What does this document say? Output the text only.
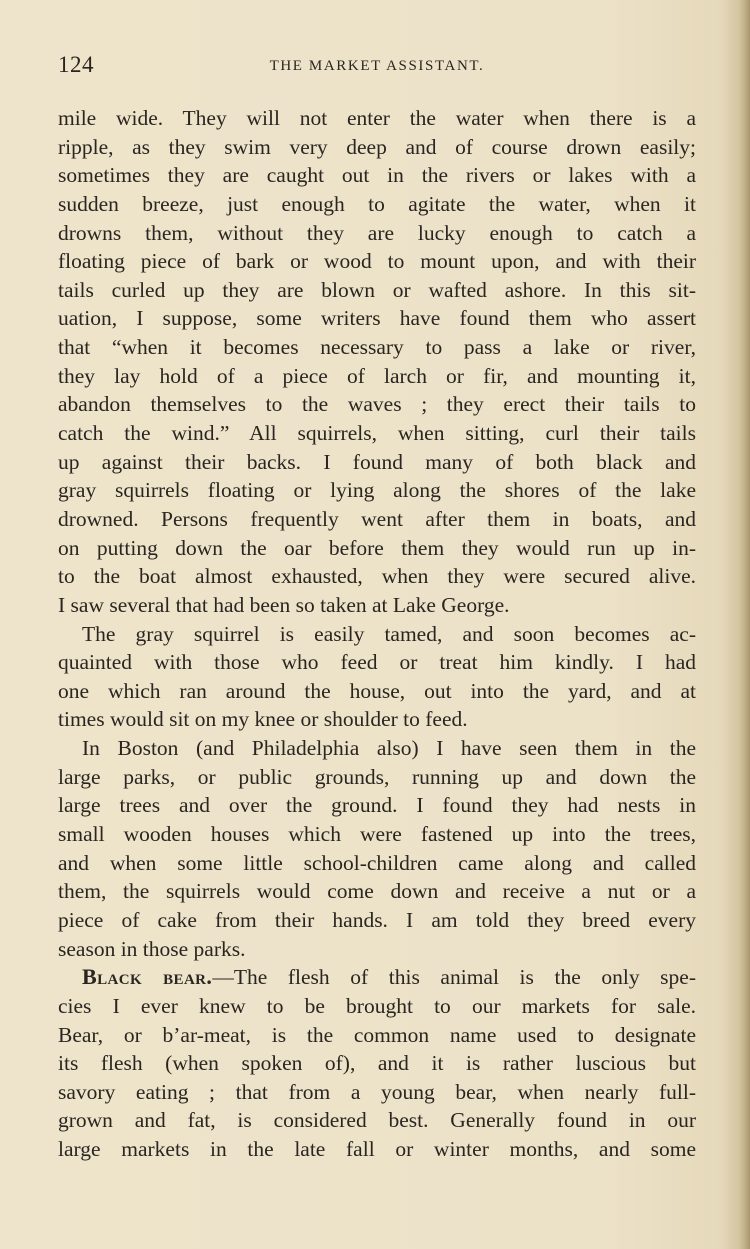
124	THE MARKET ASSISTANT.
mile wide. They will not enter the water when there is a
ripple, as they swim very deep and of course drown easily;
sometimes they are caught out in the rivers or lakes with a
sudden breeze, just enough to agitate the water, when it
drowns them, without they are lucky enough to catch a
floating piece of bark or wood to mount upon, and with their
tails curled up they are blown or wafted ashore. In this sit-
uation, I suppose, some writers have found them who assert
that “when it becomes necessary to pass a lake or river,
they lay hold of a piece of larch or fir, and mounting it,
abandon themselves to the waves ; they erect their tails to
catch the wind.” All squirrels, when sitting, curl their tails
up against their backs. I found many of both black and
gray squirrels floating or lying along the shores of the lake
drowned. Persons frequently went after them in boats, and
on putting down the oar before them they would run up in-
to the boat almost exhausted, when they were secured alive.
I saw several that had been so taken at Lake George.
The gray squirrel is easily tamed, and soon becomes ac-
quainted with those who feed or treat him kindly. I had
one which ran around the house, out into the yard, and at
times would sit on my knee or shoulder to feed.
In Boston (and Philadelphia also) I have seen them in the
large parks, or public grounds, running up and down the
large trees and over the ground. I found they had nests in
small wooden houses which were fastened up into the trees,
and when some little school-children came along and called
them, the squirrels would come down and receive a nut or a
piece of cake from their hands. I am told they breed every
season in those parks.
Black bear.—The flesh of this animal is the only spe-
cies I ever knew to be brought to our markets for sale.
Bear, or b’ar-meat, is the common name used to designate
its flesh (when spoken of), and it is rather luscious but
savory eating ; that from a young bear, when nearly full-
grown and fat, is considered best. Generally found in our
large markets in the late fall or winter months, and some
